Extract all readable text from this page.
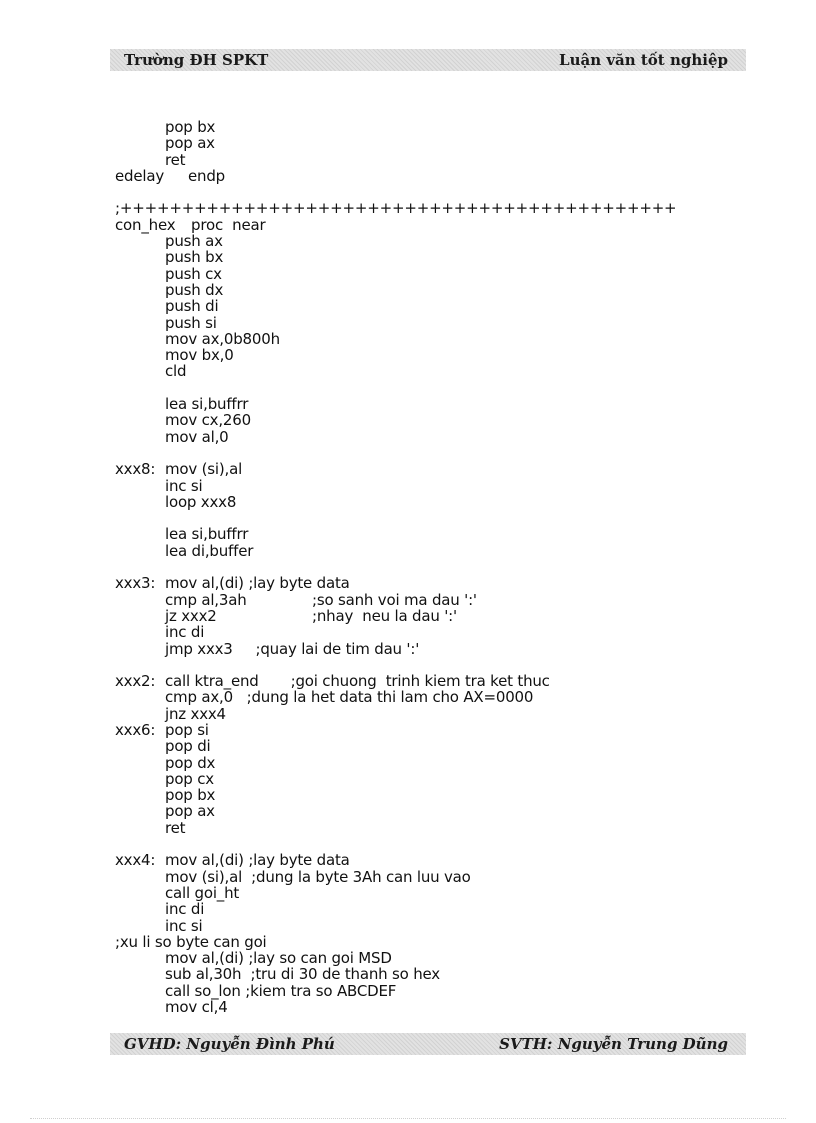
Trường ĐH SPKT	Luận văn tốt nghiệp
pop bx
pop ax
ret
edelay
endp
;+++++++++++++++++++++++++++++++++++++++++++++
con_hex
proc  near
push ax
push bx
push cx
push dx
push di
push si
mov ax,0b800h
mov bx,0
cld
lea si,buffrr
mov cx,260
mov al,0
xxx8: mov (si),al
inc si
loop xxx8
lea si,buffrr
lea di,buffer
xxx3: mov al,(di) ;lay byte data
cmp al,3ah	;so sanh voi ma dau ':'
jz xxx2	;nhay  neu la dau ':'
inc di
jmp xxx3     ;quay lai de tim dau ':'
xxx2: call ktra_end       ;goi chuong  trinh kiem tra ket thuc
cmp ax,0   ;dung la het data thi lam cho AX=0000
jnz xxx4
xxx6: pop si
pop di
pop dx
pop cx
pop bx
pop ax
ret
xxx4: mov al,(di) ;lay byte data
mov (si),al  ;dung la byte 3Ah can luu vao
call goi_ht
inc di
inc si
;xu li so byte can goi
mov al,(di) ;lay so can goi MSD
sub al,30h  ;tru di 30 de thanh so hex
call so_lon ;kiem tra so ABCDEF
mov cl,4
GVHD: Nguyễn Đình Phú	SVTH: Nguyễn Trung Dũng
